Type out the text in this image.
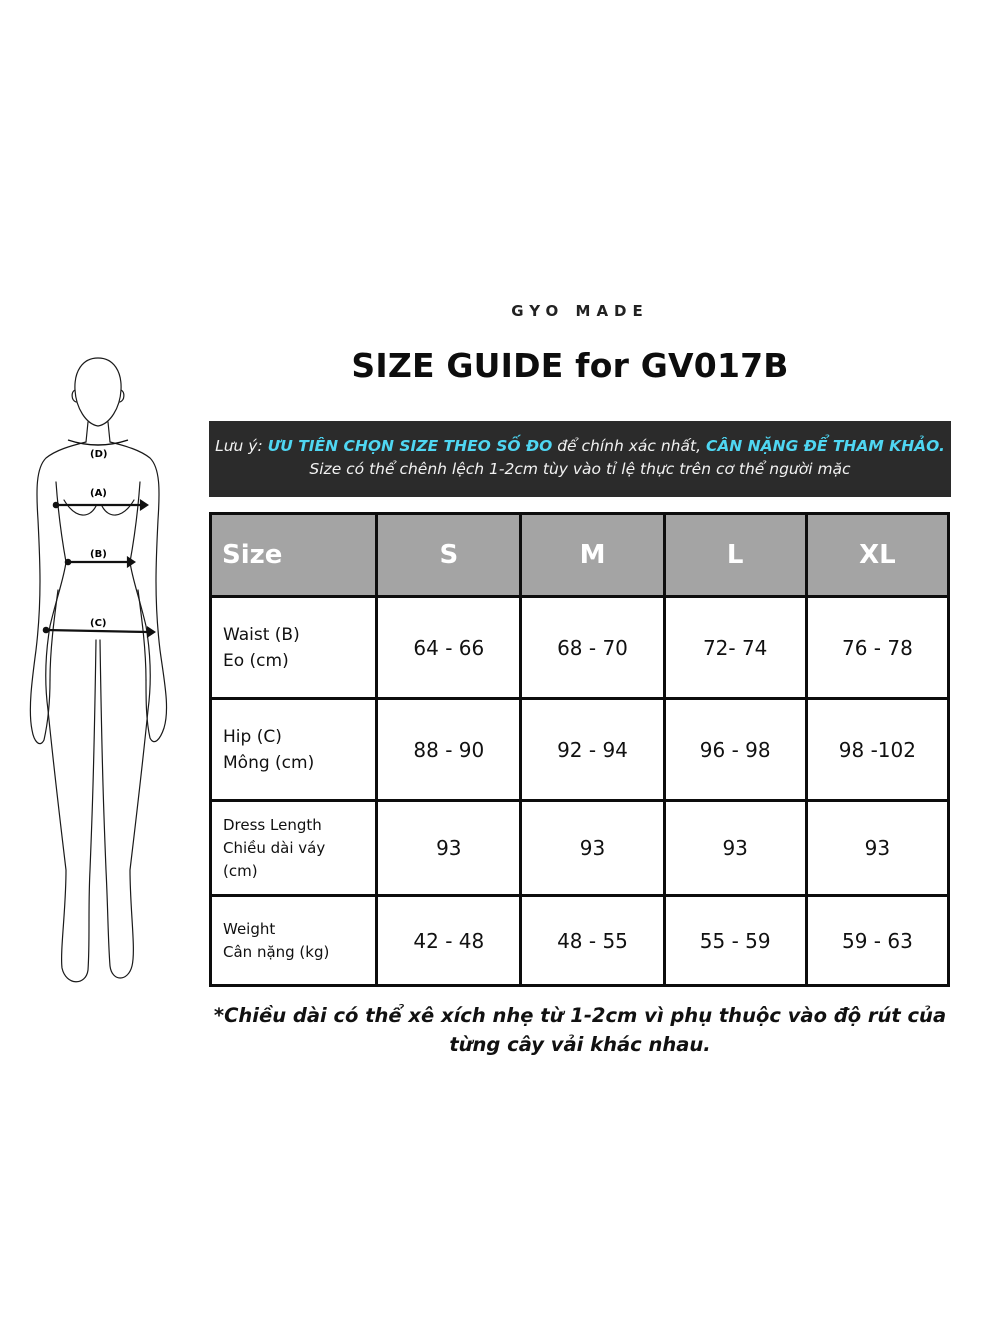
GYO MADE
SIZE GUIDE for GV017B
Lưu ý: ƯU TIÊN CHỌN SIZE THEO SỐ ĐO để chính xác nhất, CÂN NẶNG ĐỂ THAM KHẢO.
Size có thể chênh lệch 1-2cm tùy vào tỉ lệ thực trên cơ thể người mặc
(D)
(A)
(B)
(C)
Size	S	M	L	XL

Waist (B)
Eo (cm)	64 - 66	68 - 70	72- 74	76 - 78

Hip (C)
Mông (cm)	88 - 90	92 - 94	96 - 98	98 -102

Dress Length
Chiều dài váy
(cm)	93	93	93	93

Weight
Cân nặng (kg)	42 - 48	48 - 55	55 - 59	59 - 63
*Chiều dài có thể xê xích nhẹ từ 1-2cm vì phụ thuộc vào độ rút của
từng cây vải khác nhau.
